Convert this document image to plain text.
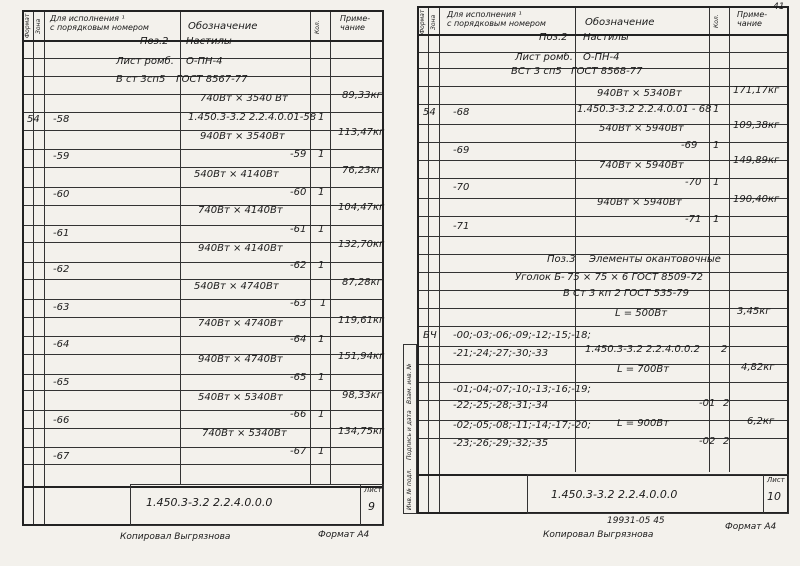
Формат Зона
Для исполнения ¹
с порядковым номером	Обозначение	Кол.
Приме-
чание
Поз.2 Настилы
Лист ромб. О-ПН-4
В ст 3сп5 ГОСТ 8567-77
740Вт × 3540 Вт	89,33кг
54 -58	1.450.3-3.2 2.2.4.0.01-58 1
940Вт × 3540Вт	113,47кг
-59	-59 1
540Вт × 4140Вт	76,23кг
-60	-60 1
740Вт × 4140Вт	104,47кг
-61	-61 1
940Вт × 4140Вт	132,70кг
-62	-62 1
540Вт × 4740Вт	87,28кг
-63	-63 1
740Вт × 4740Вт	119,61кг
-64	-64 1
940Вт × 4740Вт	151,94кг
-65	-65 1
540Вт × 5340Вт	98,33кг
-66
-66 1
740Вт × 5340Вт	134,75кг
-67	-67 1
1.450.3-3.2 2.2.4.0.0.0
Лист
9
Копировал Выгрязнова	Формат А4
Формат Зона
Для исполнения ¹
с порядковым номером	Обозначение	Кол. Приме-
чание
41
Поз.2 Настилы
Лист ромб. О-ПН-4
ВСт 3 сп5 ГОСТ 8568-77
940Вт × 5340Вт	171,17кг
54 -68	1.450.3-3.2 2.2.4.0.01 - 68 1
540Вт × 5940Вт	109,38кг
-69	-69 1
740Вт × 5940Вт	149,89кг
-70	-70 1
940Вт × 5940Вт	190,40кг
-71
-71 1
Поз.3 Элементы окантовочные
Уголок Б- 75 × 75 × 6 ГОСТ 8509-72
В Ст 3 кп 2 ГОСТ 535-79
L = 500Вт	3,45кг
БЧ -00;-03;-06;-09;-12;-15;-18;
-21;-24;-27;-30;-33	1.450.3-3.2 2.2.4.0.0.2 2
L = 700Вт	4,82кг
-01;-04;-07;-10;-13;-16;-19;
-22;-25;-28;-31;-34	-01 2
L = 900Вт	6,2кг
-02;-05;-08;-11;-14;-17;-20;
-23;-26;-29;-32;-35	-02 2
Инв. № подл.
Подпись и дата
Взам. инв. №
1.450.3-3.2 2.2.4.0.0.0
Лист
10
19931-05 45
Копировал Выгрязнова
Формат А4
